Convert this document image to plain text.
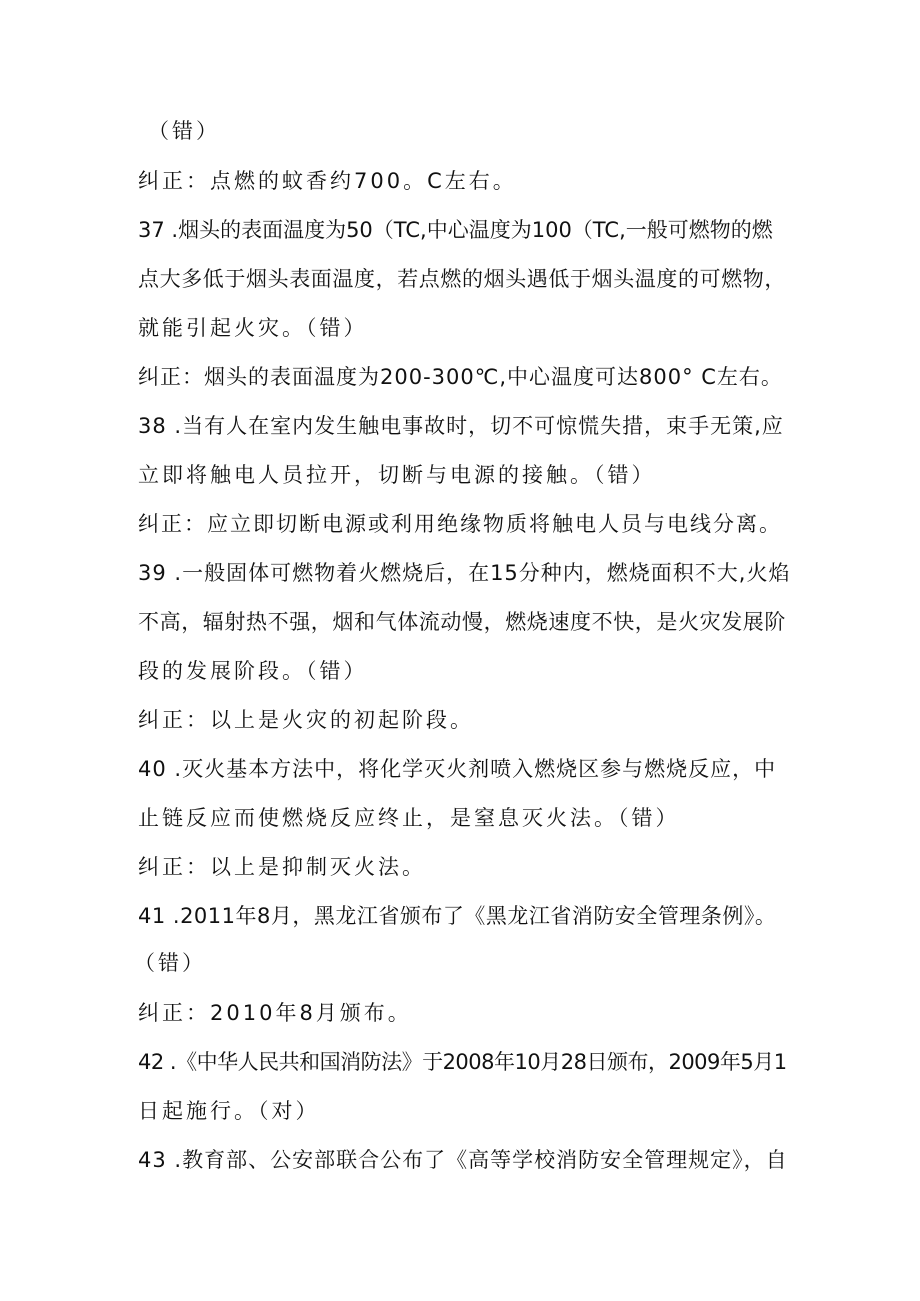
（错）
纠正：点燃的蚊香约700。C左右。
37 .烟头的表面温度为50（TC,中心温度为100（TC,一般可燃物的燃
点大多低于烟头表面温度，若点燃的烟头遇低于烟头温度的可燃物，
就能引起火灾。（错）
纠正：烟头的表面温度为200-300℃,中心温度可达800° C左右。
38 .当有人在室内发生触电事故时，切不可惊慌失措，束手无策,应
立即将触电人员拉开，切断与电源的接触。（错）
纠正：应立即切断电源或利用绝缘物质将触电人员与电线分离。
39 .一般固体可燃物着火燃烧后，在15分种内，燃烧面积不大,火焰
不高，辐射热不强，烟和气体流动慢，燃烧速度不快，是火灾发展阶
段的发展阶段。（错）
纠正：以上是火灾的初起阶段。
40 .灭火基本方法中，将化学灭火剂喷入燃烧区参与燃烧反应，中
止链反应而使燃烧反应终止，是窒息灭火法。（错）
纠正：以上是抑制灭火法。
41 .2011年8月，黑龙江省颁布了《黑龙江省消防安全管理条例》。
（错）
纠正：2010年8月颁布。
42 .《中华人民共和国消防法》于2008年10月28日颁布，2009年5月1
日起施行。（对）
43 .教育部、公安部联合公布了《高等学校消防安全管理规定》，自
